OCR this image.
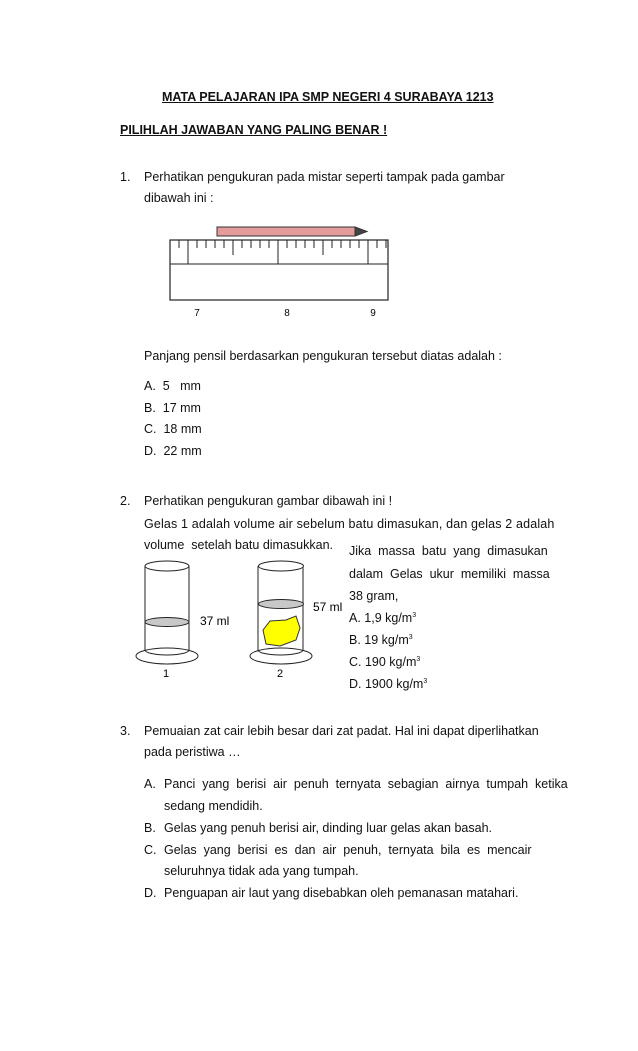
MATA PELAJARAN IPA SMP NEGERI 4 SURABAYA 1213
PILIHLAH JAWABAN YANG PALING BENAR !
1. Perhatikan pengukuran pada mistar seperti tampak pada gambar
dibawah ini :
7	8	9
Panjang pensil berdasarkan pengukuran tersebut diatas adalah :
A. 5   mm
B. 17 mm
C. 18 mm
D. 22 mm
2. Perhatikan pengukuran gambar dibawah ini !
Gelas 1 adalah volume air sebelum batu dimasukan, dan gelas 2 adalah
volume  setelah batu dimasukkan. Jika  massa  batu  yang  dimasukan
dalam  Gelas  ukur  memiliki  massa
38 gram,
37 ml
57 ml
1	2
A. 1,9 $kg/m^3$
B. 19 $kg/m^3$
C. 190 $kg/m^3$
D. 1900 $kg/m^3$
3. Pemuaian zat cair lebih besar dari zat padat. Hal ini dapat diperlihatkan
pada peristiwa …
A. Panci  yang  berisi  air  penuh  ternyata  sebagian  airnya  tumpah  ketika
sedang mendidih.
B. Gelas yang penuh berisi air, dinding luar gelas akan basah.
C. Gelas  yang  berisi  es  dan  air  penuh,  ternyata  bila  es  mencair
seluruhnya tidak ada yang tumpah.
D. Penguapan air laut yang disebabkan oleh pemanasan matahari.
